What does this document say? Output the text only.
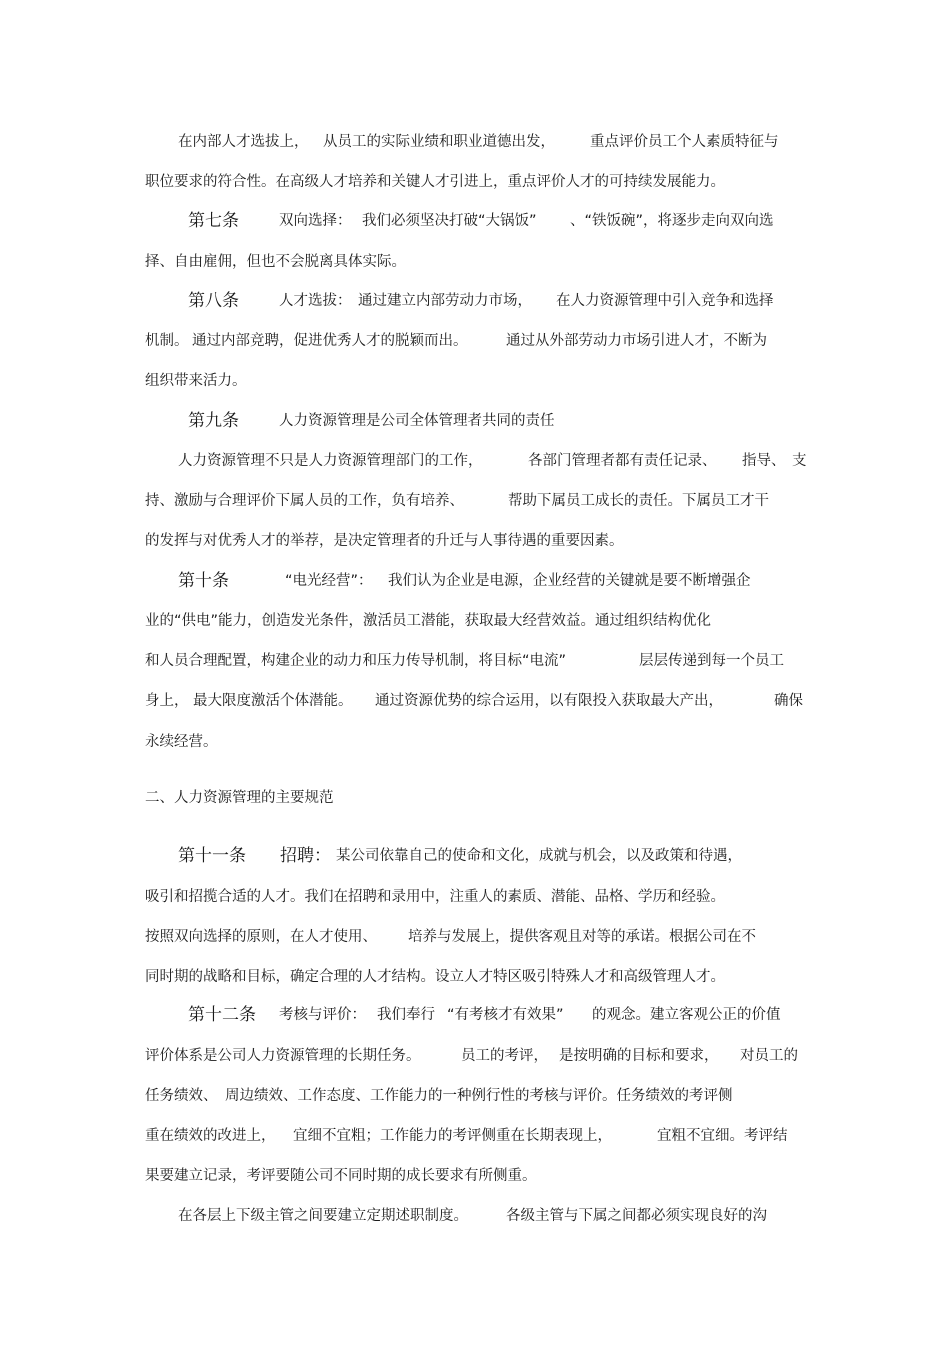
在内部人才选拔上，

从员工的实际业绩和职业道德出发，

重点评价员工个人素质特征与

职位要求的符合性。在高级人才培养和关键人才引进上，重点评价人才的可持续发展能力。

第七条

	双向选择：

我们必须坚决打破“大锅饭”

、“铁饭碗”，将逐步走向双向选

择、自由雇佣，但也不会脱离具体实际。

第八条

	人才选拔：

通过建立内部劳动力市场，

在人力资源管理中引入竞争和选择

机制。

通过内部竞聘，促进优秀人才的脱颖而出。

	通过从外部劳动力市场引进人才，不断为

组织带来活力。

第九条

	人力资源管理是公司全体管理者共同的责任

人力资源管理不只是人力资源管理部门的工作，

	各部门管理者都有责任记录、

指导、

支

持、激励与合理评价下属人员的工作，负有培养、

	帮助下属员工成长的责任。下属员工才干

的发挥与对优秀人才的举荐，是决定管理者的升迁与人事待遇的重要因素。

第十条

	“电光经营”：

我们认为企业是电源，企业经营的关键就是要不断增强企

业的“供电”能力，创造发光条件，激活员工潜能，获取最大经营效益。通过组织结构优化

和人员合理配置，构建企业的动力和压力传导机制，将目标“电流”

	层层传递到每一个员工

身上，

最大限度激活个体潜能。

通过资源优势的综合运用，以有限投入获取最大产出，

	确保

永续经营。

二、人力资源管理的主要规范

第十一条

招聘：

某公司依靠自己的使命和文化，成就与机会，以及政策和待遇，

吸引和招揽合适的人才。我们在招聘和录用中，注重人的素质、潜能、品格、学历和经验。

按照双向选择的原则，在人才使用、

培养与发展上，提供客观且对等的承诺。根据公司在不

同时期的战略和目标，确定合理的人才结构。设立人才特区吸引特殊人才和高级管理人才。

第十二条

考核与评价：

我们奉行

“有考核才有效果”

的观念。建立客观公正的价值

评价体系是公司人力资源管理的长期任务。

	员工的考评，

是按明确的目标和要求，

对员工的

任务绩效、

周边绩效、工作态度、工作能力的一种例行性的考核与评价。任务绩效的考评侧

重在绩效的改进上，

宜细不宜粗；工作能力的考评侧重在长期表现上，

	宜粗不宜细。考评结

果要建立记录，考评要随公司不同时期的成长要求有所侧重。

在各层上下级主管之间要建立定期述职制度。

	各级主管与下属之间都必须实现良好的沟
